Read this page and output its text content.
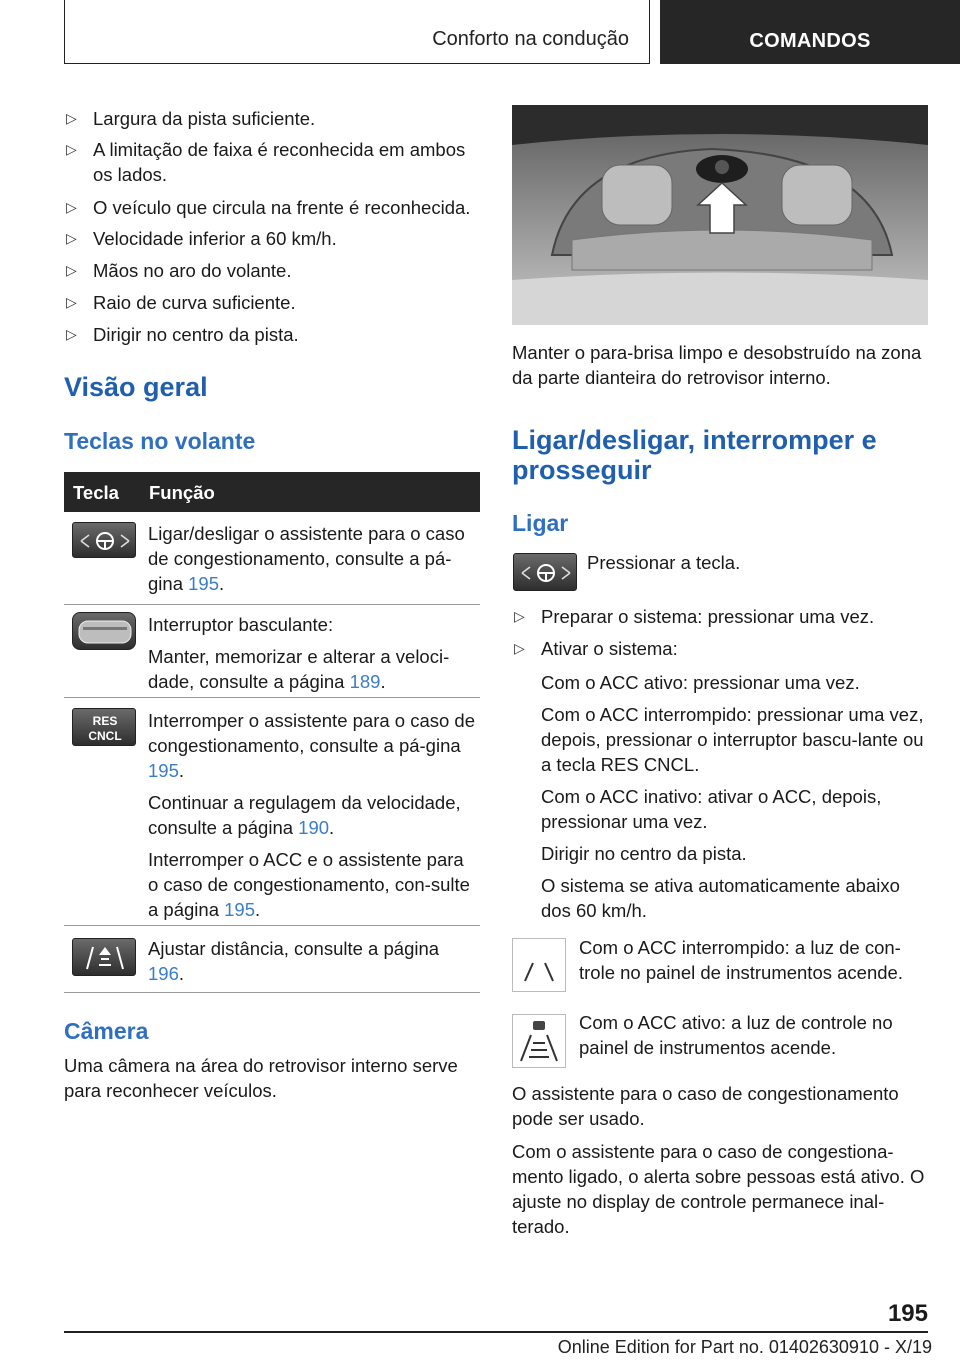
Conforto na condução	COMANDOS
▷ Largura da pista suficiente.
▷ A limitação de faixa é reconhecida em ambos os lados.
▷ O veículo que circula na frente é reconhecida.
▷ Velocidade inferior a 60 km/h.
▷ Mãos no aro do volante.
▷ Raio de curva suficiente.
▷ Dirigir no centro da pista.
Visão geral
Teclas no volante
Tecla Função

Ligar/desligar o assistente para o caso de congestionamento, consulte a pá-gina 195.

Interruptor basculante:

Manter, memorizar e alterar a veloci-dade, consulte a página 189.

RES
CNCL

Interromper o assistente para o caso de congestionamento, consulte a pá-gina 195.

Continuar a regulagem da velocidade, consulte a página 190.

Interromper o ACC e o assistente para o caso de congestionamento, con-sulte a página 195.

Ajustar distância, consulte a página 196.

Câmera
Uma câmera na área do retrovisor interno serve para reconhecer veículos.
Manter o para-brisa limpo e desobstruído na zona da parte dianteira do retrovisor interno.
Ligar/desligar, interromper e prosseguir
Ligar
Pressionar a tecla.
▷ Preparar o sistema: pressionar uma vez.
▷ Ativar o sistema:
Com o ACC ativo: pressionar uma vez.
Com o ACC interrompido: pressionar uma vez, depois, pressionar o interruptor bascu-lante ou a tecla RES CNCL.
Com o ACC inativo: ativar o ACC, depois, pressionar uma vez.
Dirigir no centro da pista.
O sistema se ativa automaticamente abaixo dos 60 km/h.
Com o ACC interrompido: a luz de con-trole no painel de instrumentos acende.
Com o ACC ativo: a luz de controle no painel de instrumentos acende.
O assistente para o caso de congestionamento pode ser usado.
Com o assistente para o caso de congestiona-mento ligado, o alerta sobre pessoas está ativo. O ajuste no display de controle permanece inal-terado.
195
Online Edition for Part no. 01402630910 - X/19
